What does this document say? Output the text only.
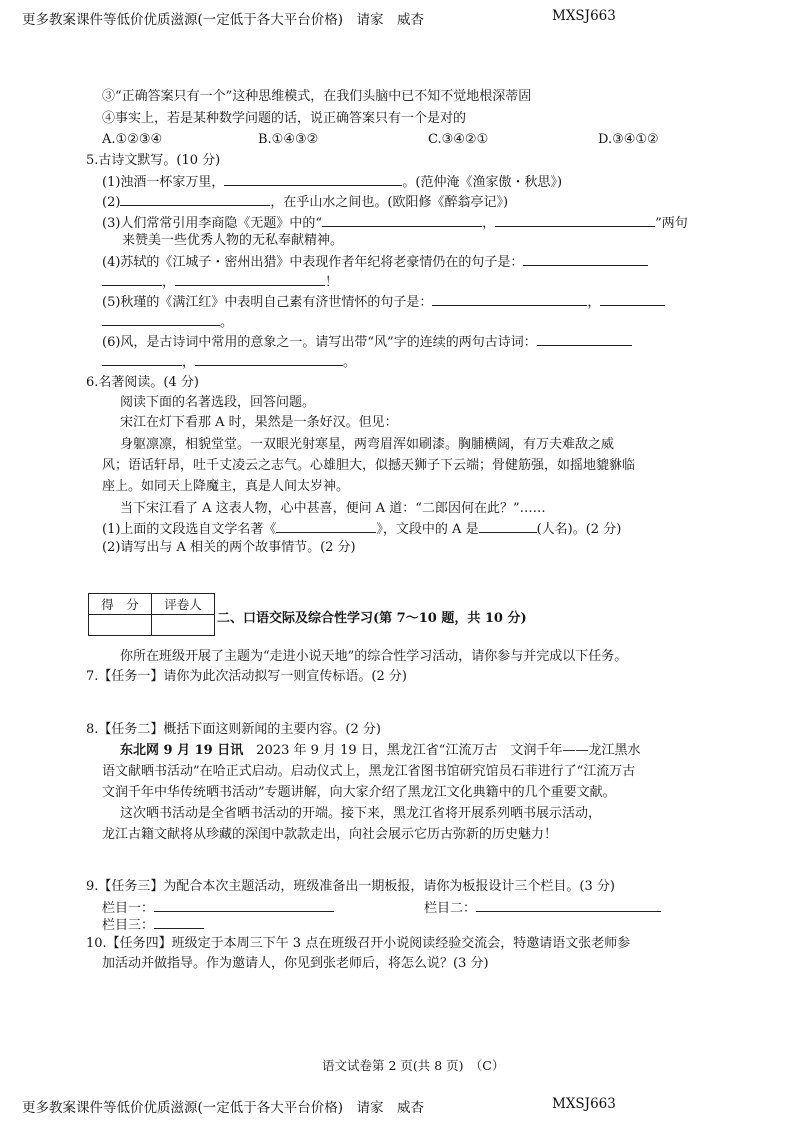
更多教案课件等低价优质滋源(一定低于各大平台价格)　请家　威杏	MXSJ663
③“正确答案只有一个”这种思维模式，在我们头脑中已不知不觉地根深蒂固
④事实上，若是某种数学问题的话，说正确答案只有一个是对的
A.①②③④	B.①④③②	C.③④②①	D.③④①②
5.古诗文默写。(10 分)
(1)浊酒一杯家万里，	。(范仲淹《渔家傲・秋思》)
(2)	，在乎山水之间也。(欧阳修《醉翁亭记》)
(3)人们常常引用李商隐《无题》中的“	，	”两句
来赞美一些优秀人物的无私奉献精神。
(4)苏轼的《江城子・密州出猎》中表现作者年纪将老豪情仍在的句子是：
，	！
(5)秋瑾的《满江红》中表明自己素有济世情怀的句子是：	，
。
(6)风，是古诗词中常用的意象之一。请写出带“风”字的连续的两句古诗词：
，	。
6.名著阅读。(4 分)
阅读下面的名著选段，回答问题。
宋江在灯下看那 A 时，果然是一条好汉。但见：
身躯凛凛，相貌堂堂。一双眼光射寒星，两弯眉浑如刷漆。胸脯横阔，有万夫难敌之威
风；语话轩昂，吐千丈凌云之志气。心雄胆大，似撼天狮子下云端；骨健筋强，如摇地貔貅临
座上。如同天上降魔主，真是人间太岁神。
当下宋江看了 A 这表人物，心中甚喜，便问 A 道：“二郎因何在此？”……
(1)上面的文段选自文学名著《	》，文段中的 A 是	(人名)。(2 分)
(2)请写出与 A 相关的两个故事情节。(2 分)
得　分	评卷人

二、口语交际及综合性学习(第 7～10 题，共 10 分)
你所在班级开展了主题为“走进小说天地”的综合性学习活动，请你参与并完成以下任务。
7.【任务一】请你为此次活动拟写一则宣传标语。(2 分)
8.【任务二】概括下面这则新闻的主要内容。(2 分)
东北网 9 月 19 日讯　2023 年 9 月 19 日，黑龙江省“江流万古　文润千年——龙江黑水
语文献晒书活动”在哈正式启动。启动仪式上，黑龙江省图书馆研究馆员石菲进行了“江流万古
文润千年中华传统晒书活动”专题讲解，向大家介绍了黑龙江文化典籍中的几个重要文献。
这次晒书活动是全省晒书活动的开端。接下来，黑龙江省将开展系列晒书展示活动，
龙江古籍文献将从珍藏的深闺中款款走出，向社会展示它历古弥新的历史魅力！
9.【任务三】为配合本次主题活动，班级准备出一期板报，请你为板报设计三个栏目。(3 分)
栏目一：	栏目二：
栏目三：
10.【任务四】班级定于本周三下午 3 点在班级召开小说阅读经验交流会，特邀请语文张老师参
加活动并做指导。作为邀请人，你见到张老师后，将怎么说？(3 分)
语文试卷第 2 页(共 8 页)　（C）
更多教案课件等低价优质滋源(一定低于各大平台价格)　请家　威杏	MXSJ663
